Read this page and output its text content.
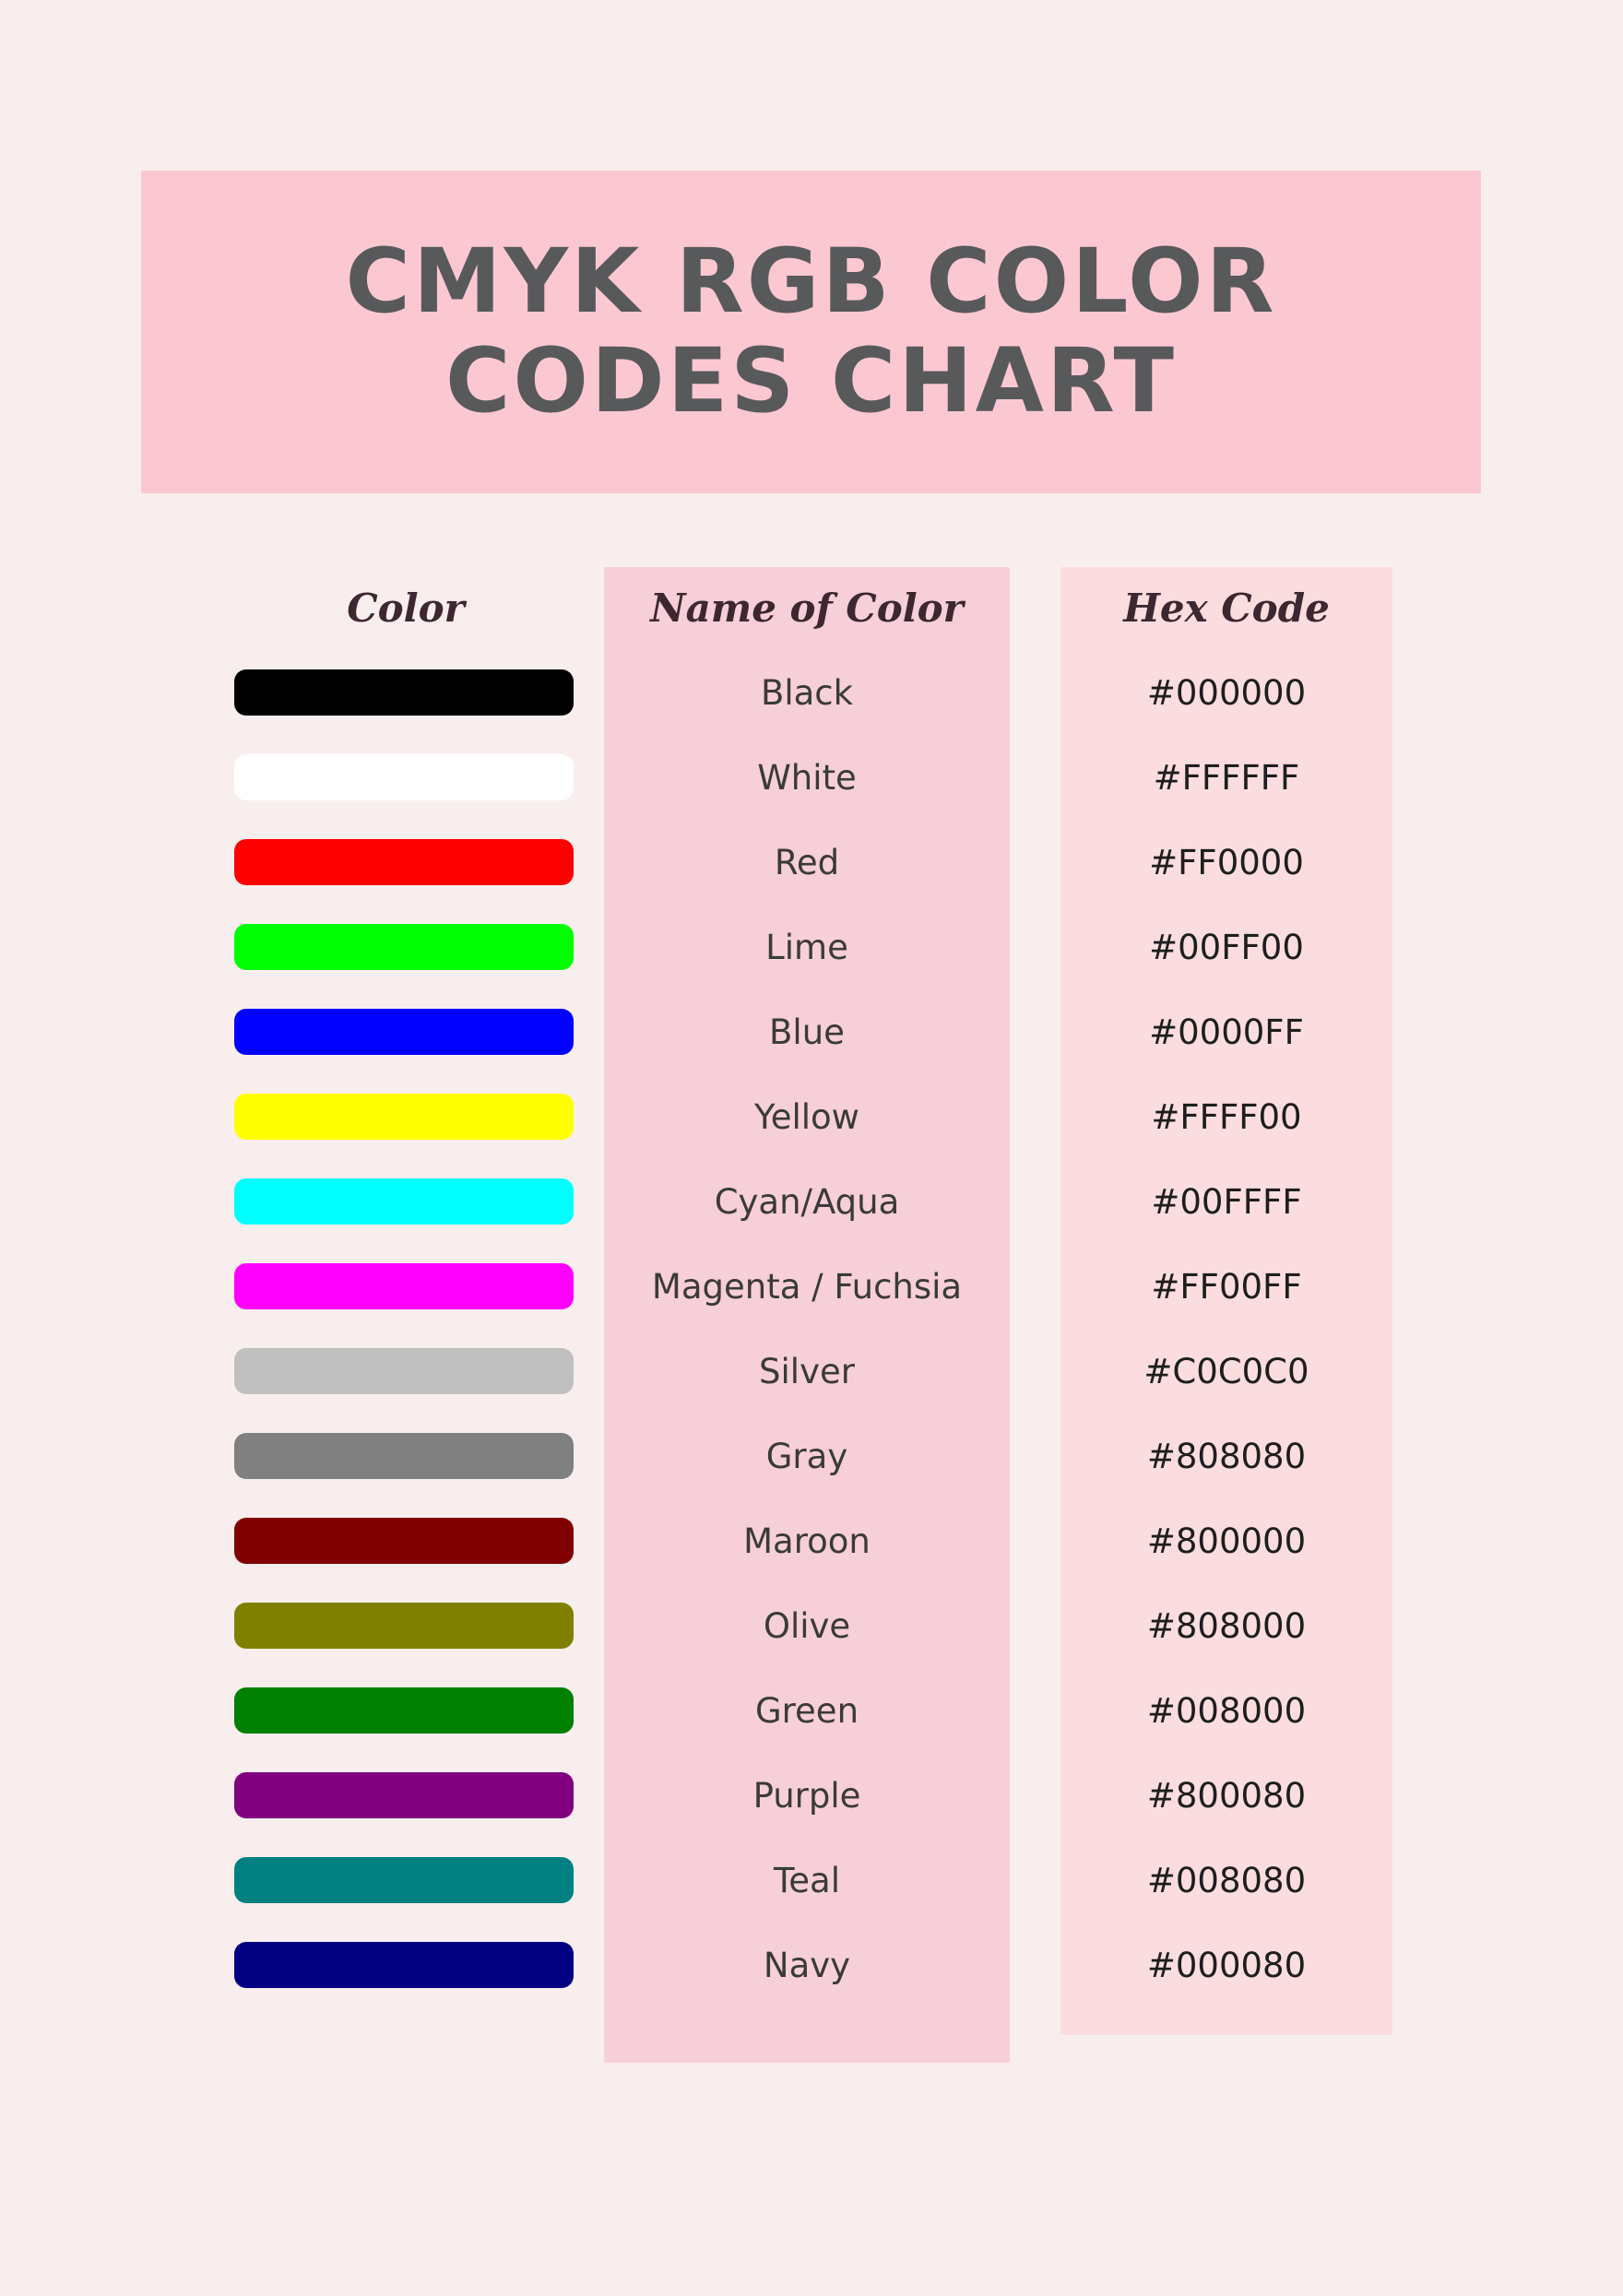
CMYK RGB COLOR CODES CHART
Color	Name of Color	Hex Code
Black	#000000
White	#FFFFFF
Red	#FF0000
Lime	#00FF00
Blue	#0000FF
Yellow	#FFFF00
Cyan/Aqua	#00FFFF
Magenta / Fuchsia	#FF00FF
Silver	#C0C0C0
Gray	#808080
Maroon	#800000
Olive	#808000
Green	#008000
Purple	#800080
Teal	#008080
Navy	#000080
